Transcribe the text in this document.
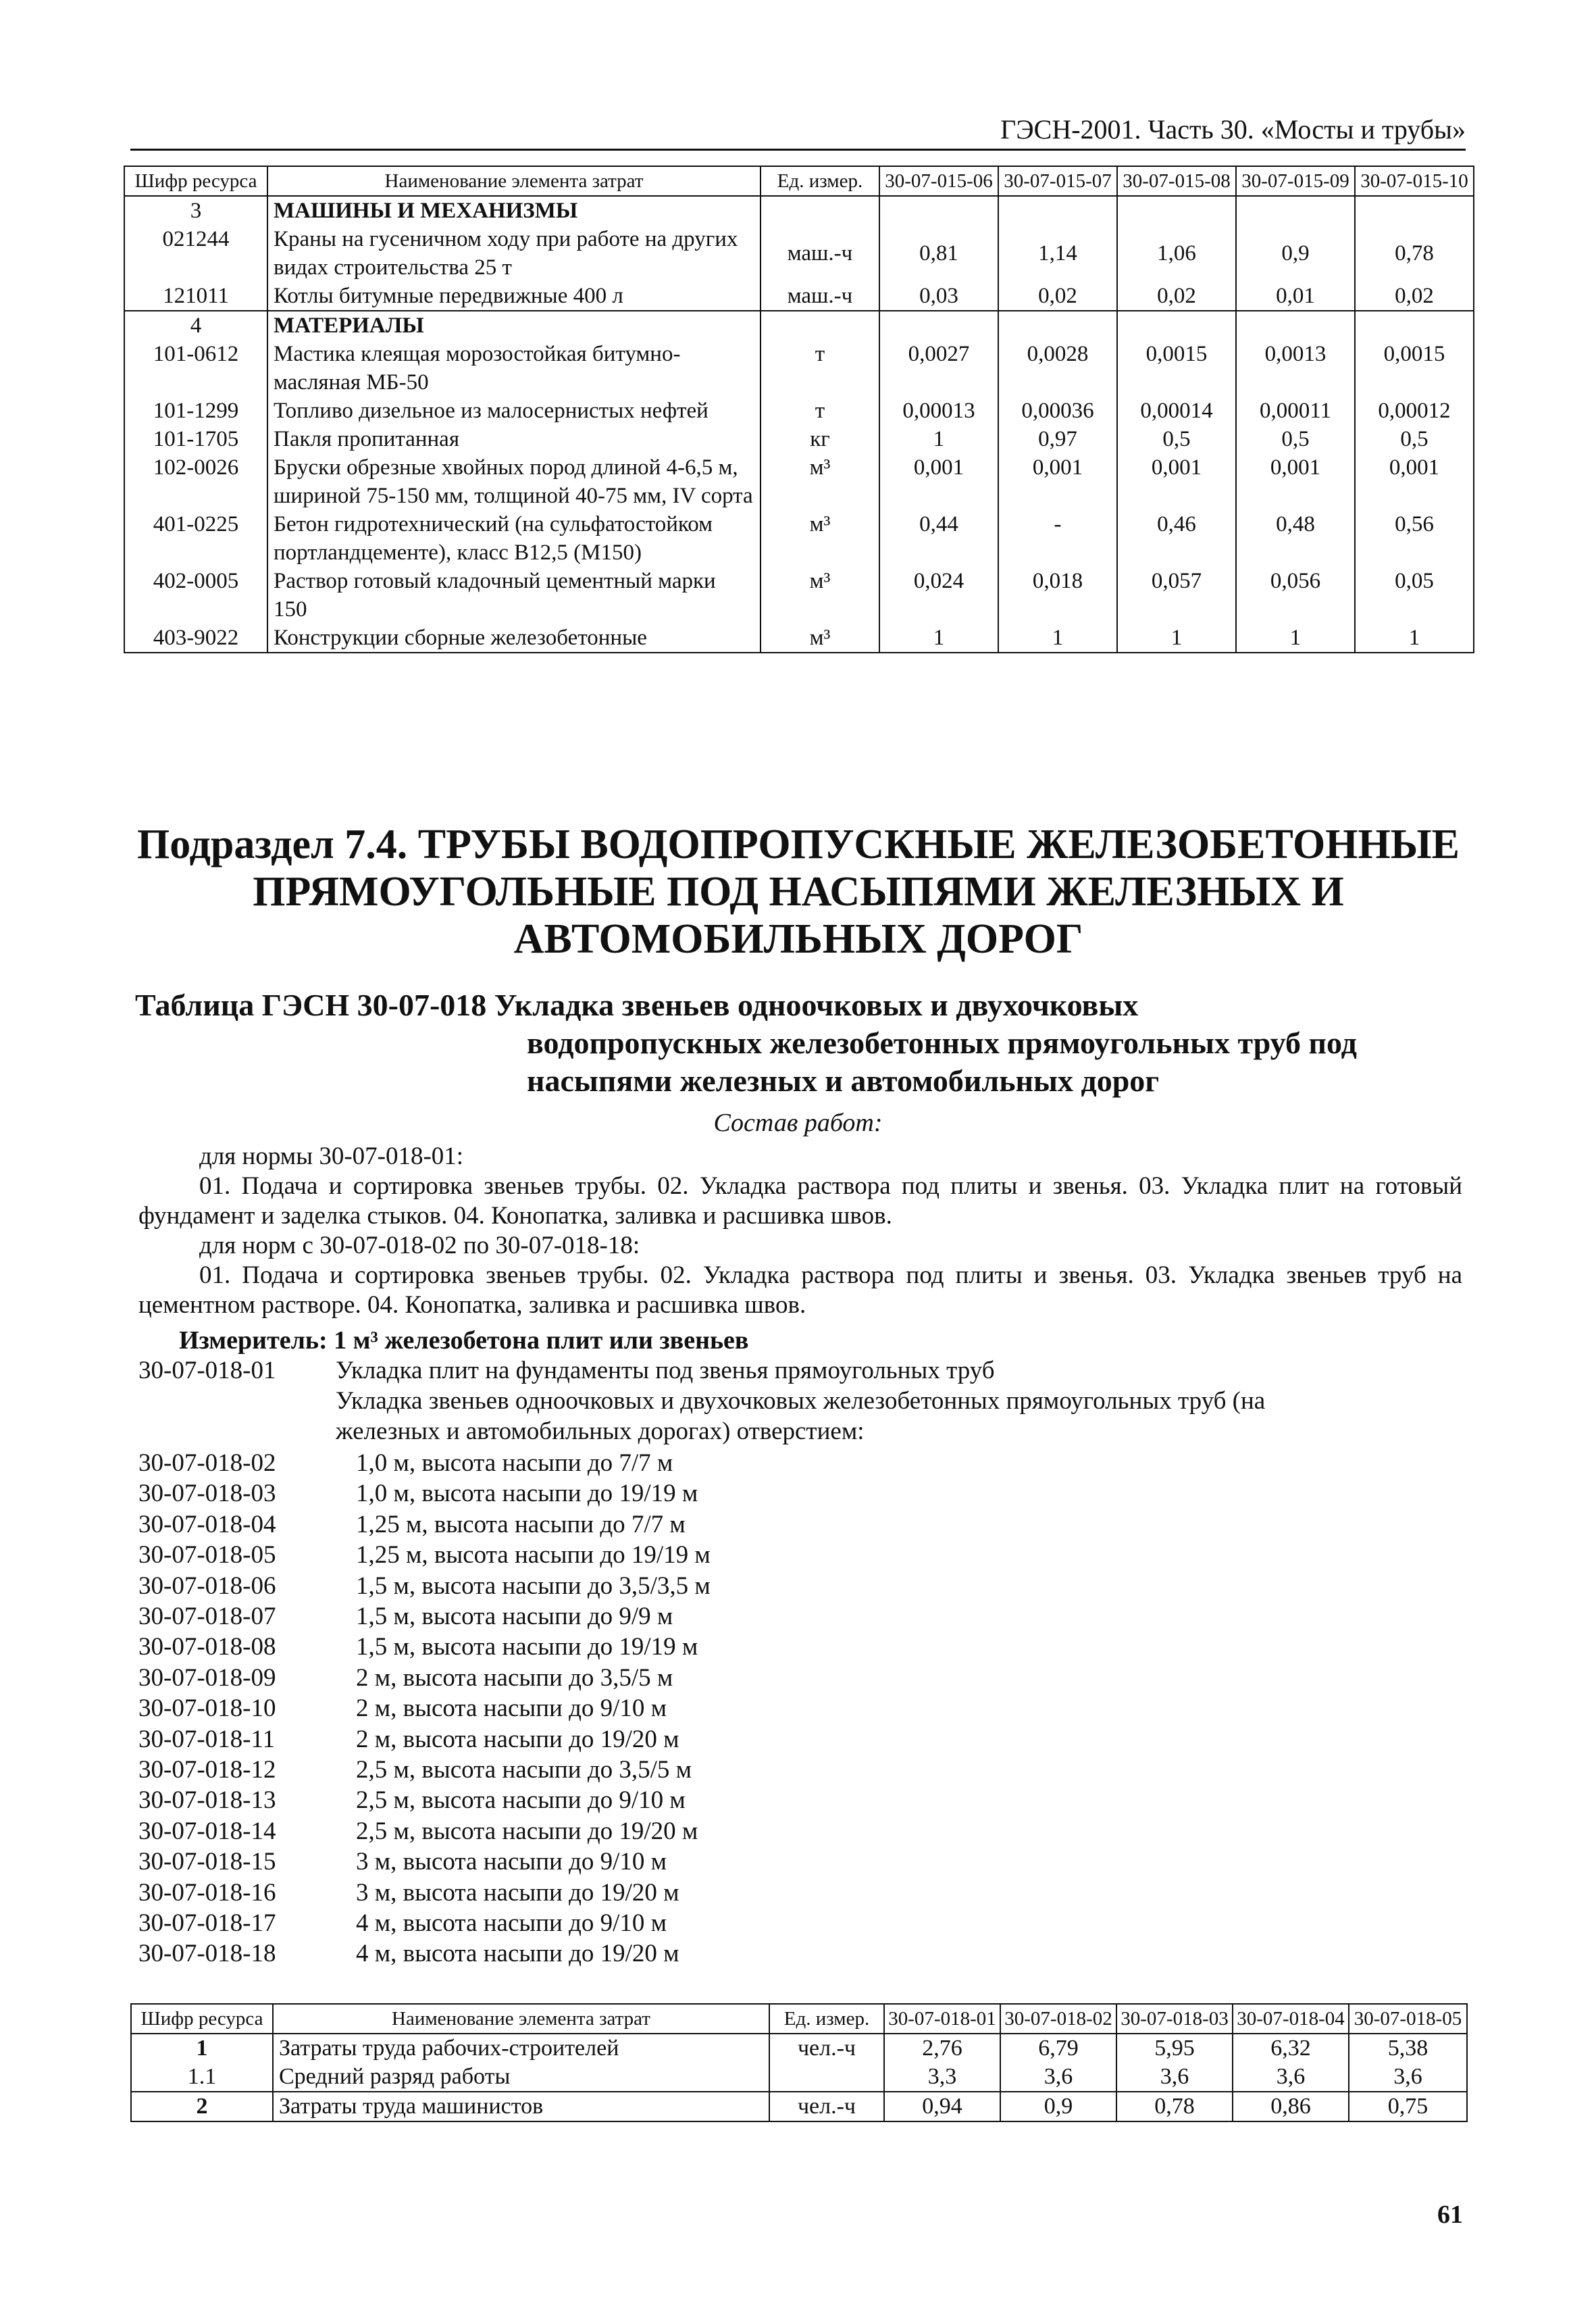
ГЭСН-2001. Часть 30. «Мосты и трубы»
Шифр ресурса	Наименование элемента затрат	Ед. измер.	30-07-015-06	30-07-015-07	30-07-015-08	30-07-015-09	30-07-015-10
3	МАШИНЫ И МЕХАНИЗМЫ						
021244	Краны на гусеничном ходу при работе на других видах строительства 25 т	маш.-ч	0,81	1,14	1,06	0,9	0,78
121011	Котлы битумные передвижные 400 л	маш.-ч	0,03	0,02	0,02	0,01	0,02
4	МАТЕРИАЛЫ						
101-0612	Мастика клеящая морозостойкая битумно-масляная МБ-50	т	0,0027	0,0028	0,0015	0,0013	0,0015
101-1299	Топливо дизельное из малосернистых нефтей	т	0,00013	0,00036	0,00014	0,00011	0,00012
101-1705	Пакля пропитанная	кг	1	0,97	0,5	0,5	0,5
102-0026	Бруски обрезные хвойных пород длиной 4-6,5 м, шириной 75-150 мм, толщиной 40-75 мм, IV сорта	м³	0,001	0,001	0,001	0,001	0,001
401-0225	Бетон гидротехнический (на сульфатостойком портландцементе), класс В12,5 (М150)	м³	0,44	-	0,46	0,48	0,56
402-0005	Раствор готовый кладочный цементный марки 150	м³	0,024	0,018	0,057	0,056	0,05
403-9022	Конструкции сборные железобетонные	м³	1	1	1	1	1
Подраздел 7.4. ТРУБЫ ВОДОПРОПУСКНЫЕ ЖЕЛЕЗОБЕТОННЫЕ ПРЯМОУГОЛЬНЫЕ ПОД НАСЫПЯМИ ЖЕЛЕЗНЫХ И АВТОМОБИЛЬНЫХ ДОРОГ
Таблица ГЭСН 30-07-018 Укладка звеньев одноочковых и двухочковых
водопропускных железобетонных прямоугольных труб под
насыпями железных и автомобильных дорог
Состав работ:

для нормы 30-07-018-01:

01. Подача и сортировка звеньев трубы. 02. Укладка раствора под плиты и звенья. 03. Укладка плит на готовый фундамент и заделка стыков. 04. Конопатка, заливка и расшивка швов.

для норм с 30-07-018-02 по 30-07-018-18:

01. Подача и сортировка звеньев трубы. 02. Укладка раствора под плиты и звенья. 03. Укладка звеньев труб на цементном растворе. 04. Конопатка, заливка и расшивка швов.

Измеритель: 1 м³ железобетона плит или звеньев
30-07-018-01 Укладка плит на фундаменты под звенья прямоугольных труб
Укладка звеньев одноочковых и двухочковых железобетонных прямоугольных труб (на
железных и автомобильных дорогах) отверстием:
30-07-018-02	1,0 м, высота насыпи до 7/7 м
30-07-018-03	1,0 м, высота насыпи до 19/19 м
30-07-018-04	1,25 м, высота насыпи до 7/7 м
30-07-018-05	1,25 м, высота насыпи до 19/19 м
30-07-018-06	1,5 м, высота насыпи до 3,5/3,5 м
30-07-018-07	1,5 м, высота насыпи до 9/9 м
30-07-018-08	1,5 м, высота насыпи до 19/19 м
30-07-018-09	2 м, высота насыпи до 3,5/5 м
30-07-018-10	2 м, высота насыпи до 9/10 м
30-07-018-11	2 м, высота насыпи до 19/20 м
30-07-018-12	2,5 м, высота насыпи до 3,5/5 м
30-07-018-13	2,5 м, высота насыпи до 9/10 м
30-07-018-14	2,5 м, высота насыпи до 19/20 м
30-07-018-15	3 м, высота насыпи до 9/10 м
30-07-018-16	3 м, высота насыпи до 19/20 м
30-07-018-17	4 м, высота насыпи до 9/10 м
30-07-018-18	4 м, высота насыпи до 19/20 м
Шифр ресурса	Наименование элемента затрат	Ед. измер.	30-07-018-01	30-07-018-02	30-07-018-03	30-07-018-04	30-07-018-05
1	Затраты труда рабочих-строителей	чел.-ч	2,76	6,79	5,95	6,32	5,38
1.1	Средний разряд работы		3,3	3,6	3,6	3,6	3,6
2	Затраты труда машинистов	чел.-ч	0,94	0,9	0,78	0,86	0,75
61
